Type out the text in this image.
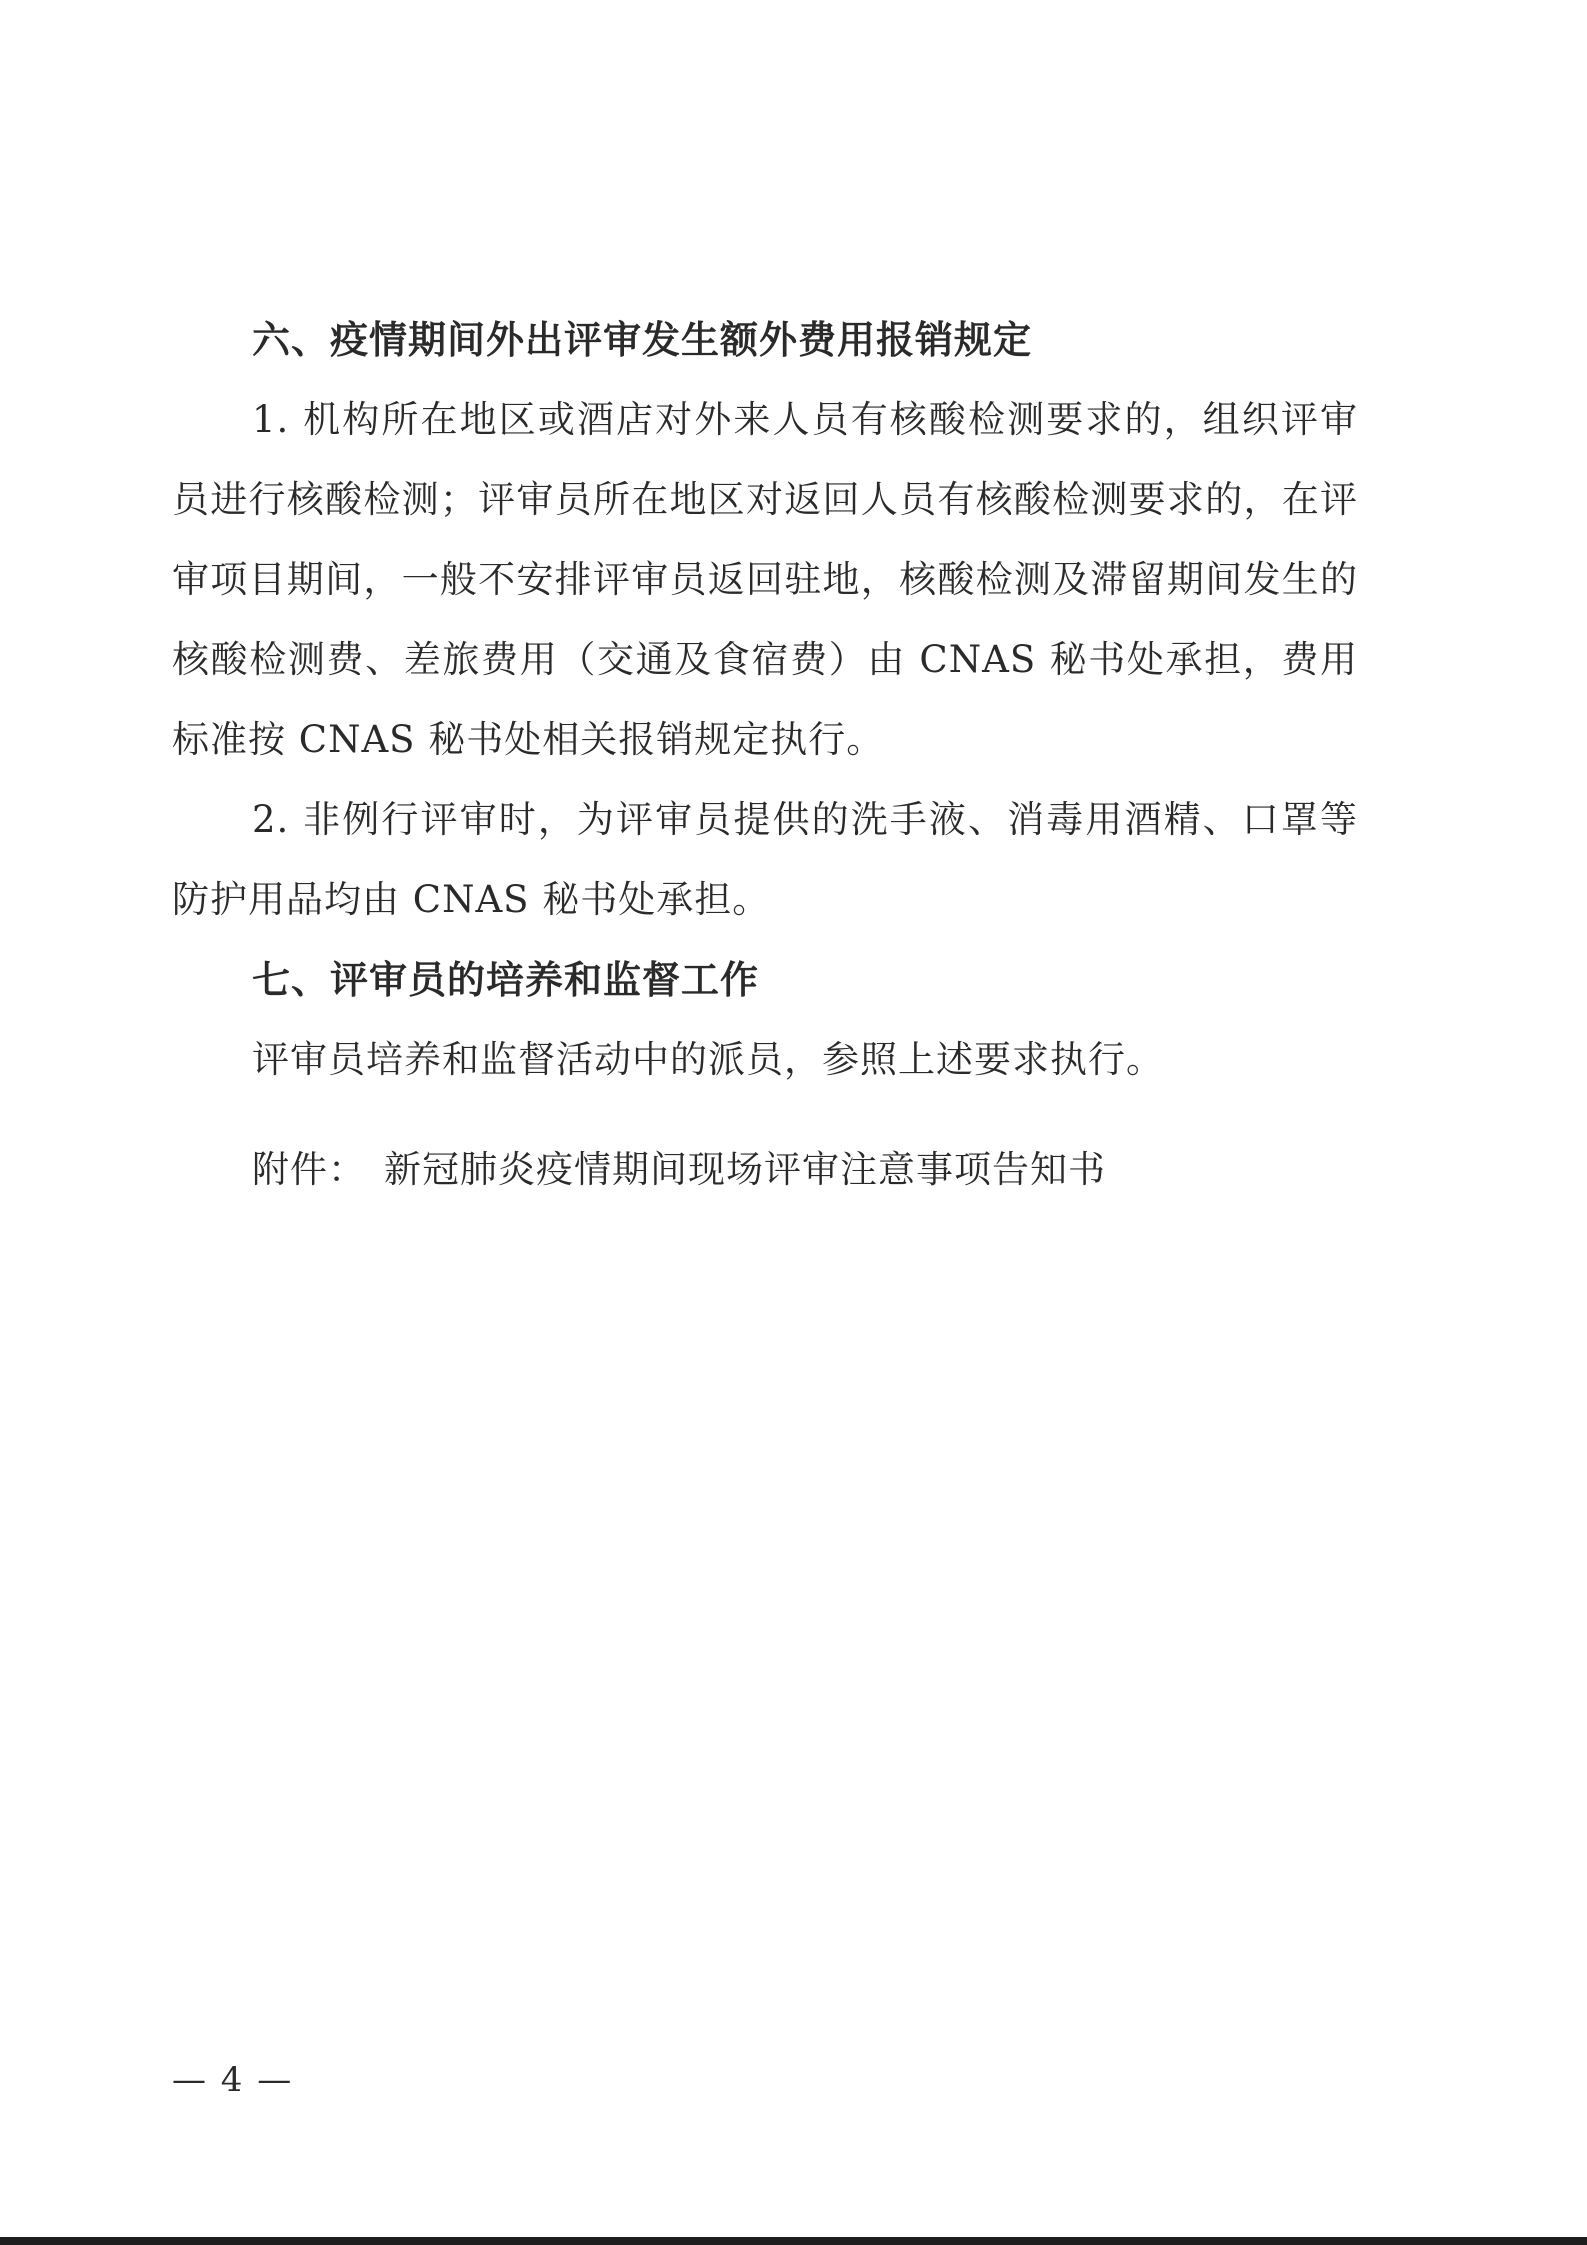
六、疫情期间外出评审发生额外费用报销规定

1. 机构所在地区或酒店对外来人员有核酸检测要求的，组织评审员进行核酸检测；评审员所在地区对返回人员有核酸检测要求的，在评审项目期间，一般不安排评审员返回驻地，核酸检测及滞留期间发生的核酸检测费、差旅费用（交通及食宿费）由 CNAS 秘书处承担，费用标准按 CNAS 秘书处相关报销规定执行。

2. 非例行评审时，为评审员提供的洗手液、消毒用酒精、口罩等防护用品均由 CNAS 秘书处承担。

七、评审员的培养和监督工作

评审员培养和监督活动中的派员，参照上述要求执行。

附件： 新冠肺炎疫情期间现场评审注意事项告知书

— 4 —
